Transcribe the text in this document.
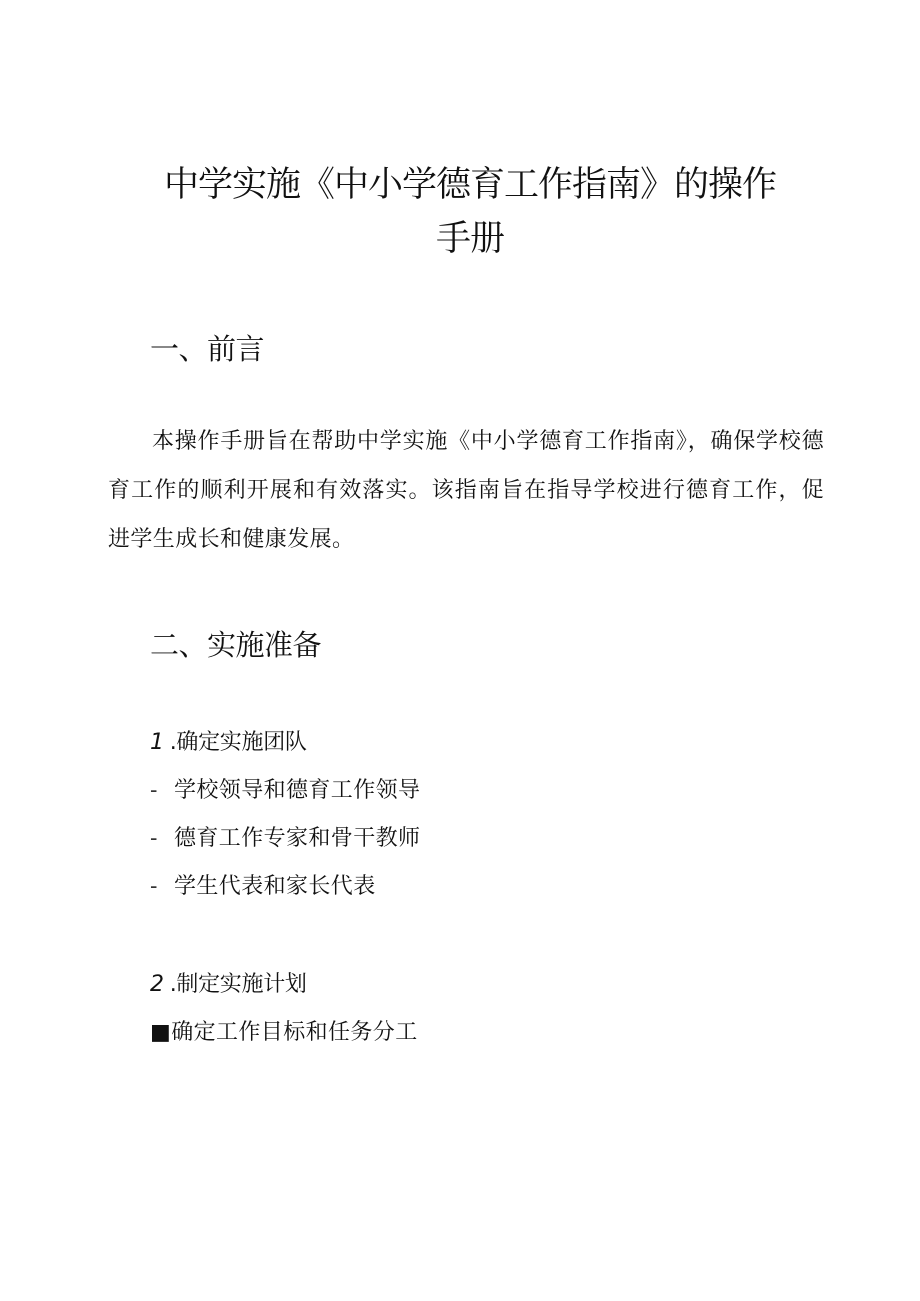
中学实施《中小学德育工作指南》的操作
手册
一、前言

本操作手册旨在帮助中学实施《中小学德育工作指南》，确保学校德育工作的顺利开展和有效落实。该指南旨在指导学校进行德育工作，促进学生成长和健康发展。

二、实施准备
1 .确定实施团队

- 学校领导和德育工作领导

- 德育工作专家和骨干教师

- 学生代表和家长代表

2 .制定实施计划

■确定工作目标和任务分工
